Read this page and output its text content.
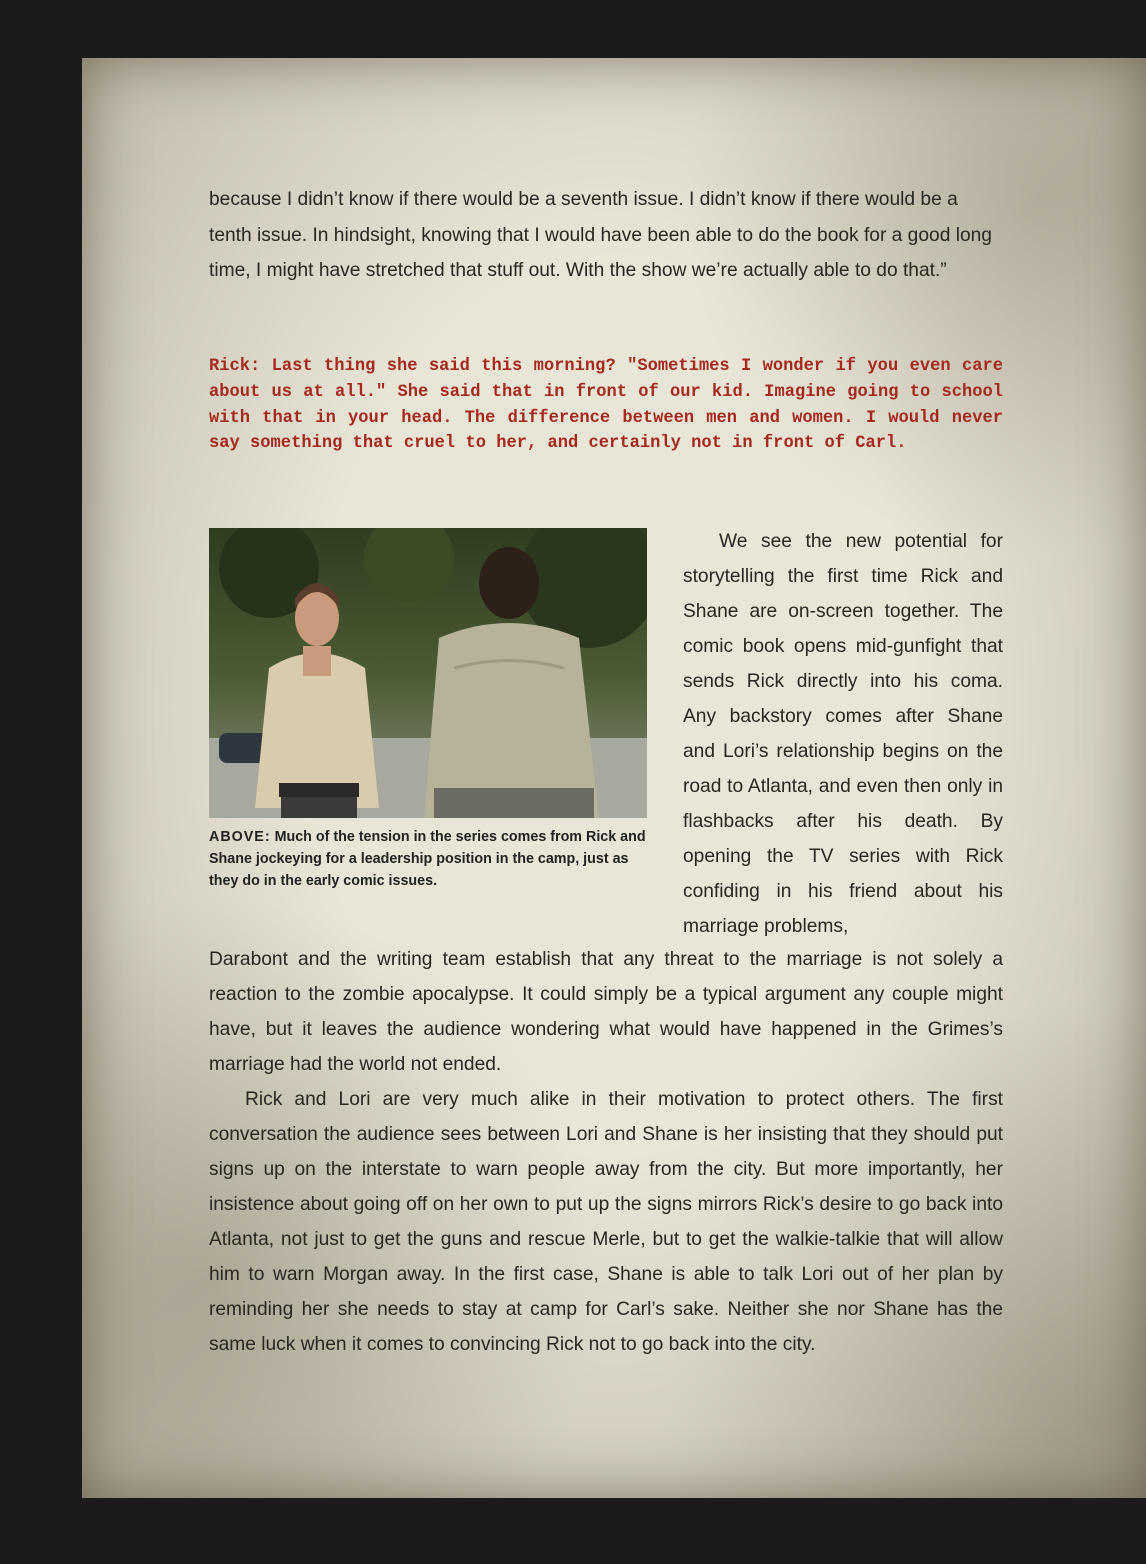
because I didn’t know if there would be a seventh issue. I didn’t know if there would be a tenth issue. In hindsight, knowing that I would have been able to do the book for a good long time, I might have stretched that stuff out. With the show we’re actually able to do that.”

Rick: Last thing she said this morning? "Sometimes I wonder if you even care about us at all." She said that in front of our kid. Imagine going to school with that in your head. The difference between men and women. I would never say something that cruel to her, and certainly not in front of Carl.

ABOVE: Much of the tension in the series comes from Rick and Shane jockeying for a leadership position in the camp, just as they do in the early comic issues.

We see the new potential for storytelling the first time Rick and Shane are on-screen together. The comic book opens mid-gunfight that sends Rick directly into his coma. Any backstory comes after Shane and Lori’s relationship begins on the road to Atlanta, and even then only in flashbacks after his death. By opening the TV series with Rick confiding in his friend about his marriage problems,

Darabont and the writing team establish that any threat to the marriage is not solely a reaction to the zombie apocalypse. It could simply be a typical argument any couple might have, but it leaves the audience wondering what would have happened in the Grimes’s marriage had the world not ended.

Rick and Lori are very much alike in their motivation to protect others. The first conversation the audience sees between Lori and Shane is her insisting that they should put signs up on the interstate to warn people away from the city. But more importantly, her insistence about going off on her own to put up the signs mirrors Rick’s desire to go back into Atlanta, not just to get the guns and rescue Merle, but to get the walkie-talkie that will allow him to warn Morgan away. In the first case, Shane is able to talk Lori out of her plan by reminding her she needs to stay at camp for Carl’s sake. Neither she nor Shane has the same luck when it comes to convincing Rick not to go back into the city.
